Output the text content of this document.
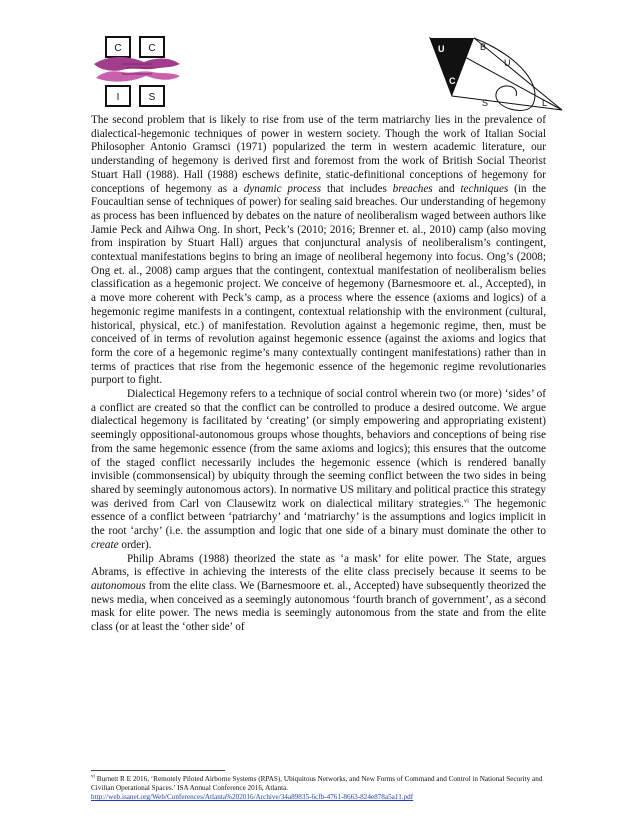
C	C
I	S
U	B
C
U
S	L

The second problem that is likely to rise from use of the term matriarchy lies in the prevalence of dialectical-hegemonic techniques of power in western society. Though the work of Italian Social Philosopher Antonio Gramsci (1971) popularized the term in western academic literature, our understanding of hegemony is derived first and foremost from the work of British Social Theorist Stuart Hall (1988). Hall (1988) eschews definite, static-definitional conceptions of hegemony for conceptions of hegemony as a dynamic process that includes breaches and techniques (in the Foucaultian sense of techniques of power) for sealing said breaches. Our understanding of hegemony as process has been influenced by debates on the nature of neoliberalism waged between authors like Jamie Peck and Aihwa Ong. In short, Peck’s (2010; 2016; Brenner et. al., 2010) camp (also moving from inspiration by Stuart Hall) argues that conjunctural analysis of neoliberalism’s contingent, contextual manifestations begins to bring an image of neoliberal hegemony into focus. Ong’s (2008; Ong et. al., 2008) camp argues that the contingent, contextual manifestation of neoliberalism belies classification as a hegemonic project. We conceive of hegemony (Barnesmoore et. al., Accepted), in a move more coherent with Peck’s camp, as a process where the essence (axioms and logics) of a hegemonic regime manifests in a contingent, contextual relationship with the environment (cultural, historical, physical, etc.) of manifestation. Revolution against a hegemonic regime, then, must be conceived of in terms of revolution against hegemonic essence (against the axioms and logics that form the core of a hegemonic regime’s many contextually contingent manifestations) rather than in terms of practices that rise from the hegemonic essence of the hegemonic regime revolutionaries purport to fight.

Dialectical Hegemony refers to a technique of social control wherein two (or more) ‘sides’ of a conflict are created so that the conflict can be controlled to produce a desired outcome. We argue dialectical hegemony is facilitated by ‘creating’ (or simply empowering and appropriating existent) seemingly oppositional-autonomous groups whose thoughts, behaviors and conceptions of being rise from the same hegemonic essence (from the same axioms and logics); this ensures that the outcome of the staged conflict necessarily includes the hegemonic essence (which is rendered banally invisible (commonsensical) by ubiquity through the seeming conflict between the two sides in being shared by seemingly autonomous actors). In normative US military and political practice this strategy was derived from Carl von Clausewitz work on dialectical military strategies.$^{vi}$ The hegemonic essence of a conflict between ‘patriarchy’ and ‘matriarchy’ is the assumptions and logics implicit in the root ‘archy’ (i.e. the assumption and logic that one side of a binary must dominate the other to create order).

Philip Abrams (1988) theorized the state as ‘a mask’ for elite power. The State, argues Abrams, is effective in achieving the interests of the elite class precisely because it seems to be autonomous from the elite class. We (Barnesmoore et. al., Accepted) have subsequently theorized the news media, when conceived as a seemingly autonomous ‘fourth branch of government’, as a second mask for elite power. The news media is seemingly autonomous from the state and from the elite class (or at least the ‘other side’ of

$^{vi}$ Burnett R E 2016, ‘Remotely Piloted Airborne Systems (RPAS), Ubiquitous Networks, and New Forms of Command and Control in National Security and Civilian Operational Spaces.’ ISA Annual Conference 2016, Atlanta.

http://web.isanet.org/Web/Conferences/Atlanta%202016/Archive/34a89835-6cfb-4761-8663-824e878a5a11.pdf
